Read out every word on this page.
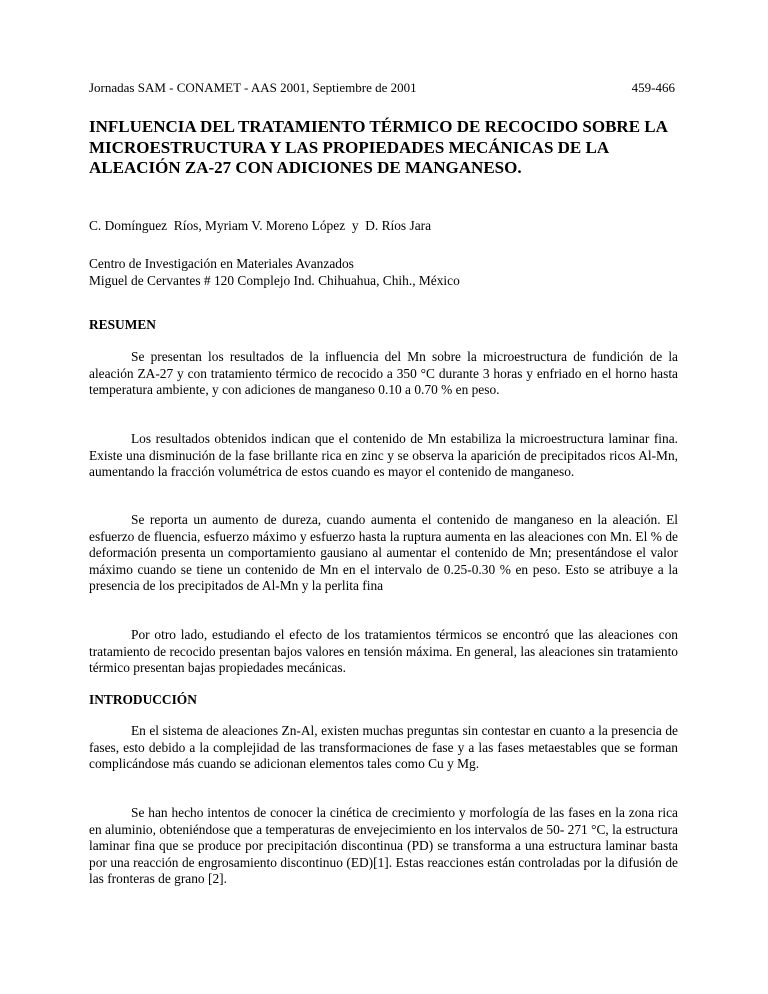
Jornadas SAM - CONAMET - AAS 2001, Septiembre de 2001	459-466
INFLUENCIA DEL TRATAMIENTO TÉRMICO DE RECOCIDO SOBRE LA MICROESTRUCTURA Y LAS PROPIEDADES MECÁNICAS DE LA ALEACIÓN ZA-27 CON ADICIONES DE MANGANESO.
C. Domínguez  Ríos, Myriam V. Moreno López  y  D. Ríos Jara
Centro de Investigación en Materiales Avanzados
Miguel de Cervantes # 120 Complejo Ind. Chihuahua, Chih., México
RESUMEN

Se presentan los resultados de la influencia del Mn sobre la microestructura de fundición de la aleación ZA-27 y con tratamiento térmico de recocido a 350 °C durante 3 horas y enfriado en el horno hasta temperatura ambiente, y con adiciones de manganeso 0.10 a 0.70 % en peso.

Los resultados obtenidos indican que el contenido de Mn estabiliza la microestructura laminar fina. Existe una disminución de la fase brillante rica en zinc y se observa la aparición de precipitados ricos Al-Mn, aumentando la fracción volumétrica de estos cuando es mayor el contenido de manganeso.

Se reporta un aumento de dureza, cuando aumenta el contenido de manganeso en la aleación. El esfuerzo de fluencia, esfuerzo máximo y esfuerzo hasta la ruptura aumenta en las aleaciones con Mn. El % de deformación presenta un comportamiento gausiano al aumentar el contenido de Mn; presentándose el valor máximo cuando se tiene un contenido de Mn en el intervalo de 0.25-0.30 % en peso. Esto se atribuye a la presencia de los precipitados de Al-Mn y la perlita fina

Por otro lado, estudiando el efecto de los tratamientos térmicos se encontró que las aleaciones con tratamiento de recocido presentan bajos valores en tensión máxima. En general, las aleaciones sin tratamiento térmico presentan bajas propiedades mecánicas.

INTRODUCCIÓN

En el sistema de aleaciones Zn-Al, existen muchas preguntas sin contestar en cuanto a la presencia de fases, esto debido a la complejidad de las transformaciones de fase y a las fases metaestables que se forman complicándose más cuando se adicionan elementos tales como Cu y Mg.

Se han hecho intentos de conocer la cinética de crecimiento y morfología de las fases en la zona rica en aluminio, obteniéndose que a temperaturas de envejecimiento en los intervalos de 50- 271 °C, la estructura laminar fina que se produce por precipitación discontinua (PD) se transforma a una estructura laminar basta por una reacción de engrosamiento discontinuo (ED)[1]. Estas reacciones están controladas por la difusión de las fronteras de grano [2].
